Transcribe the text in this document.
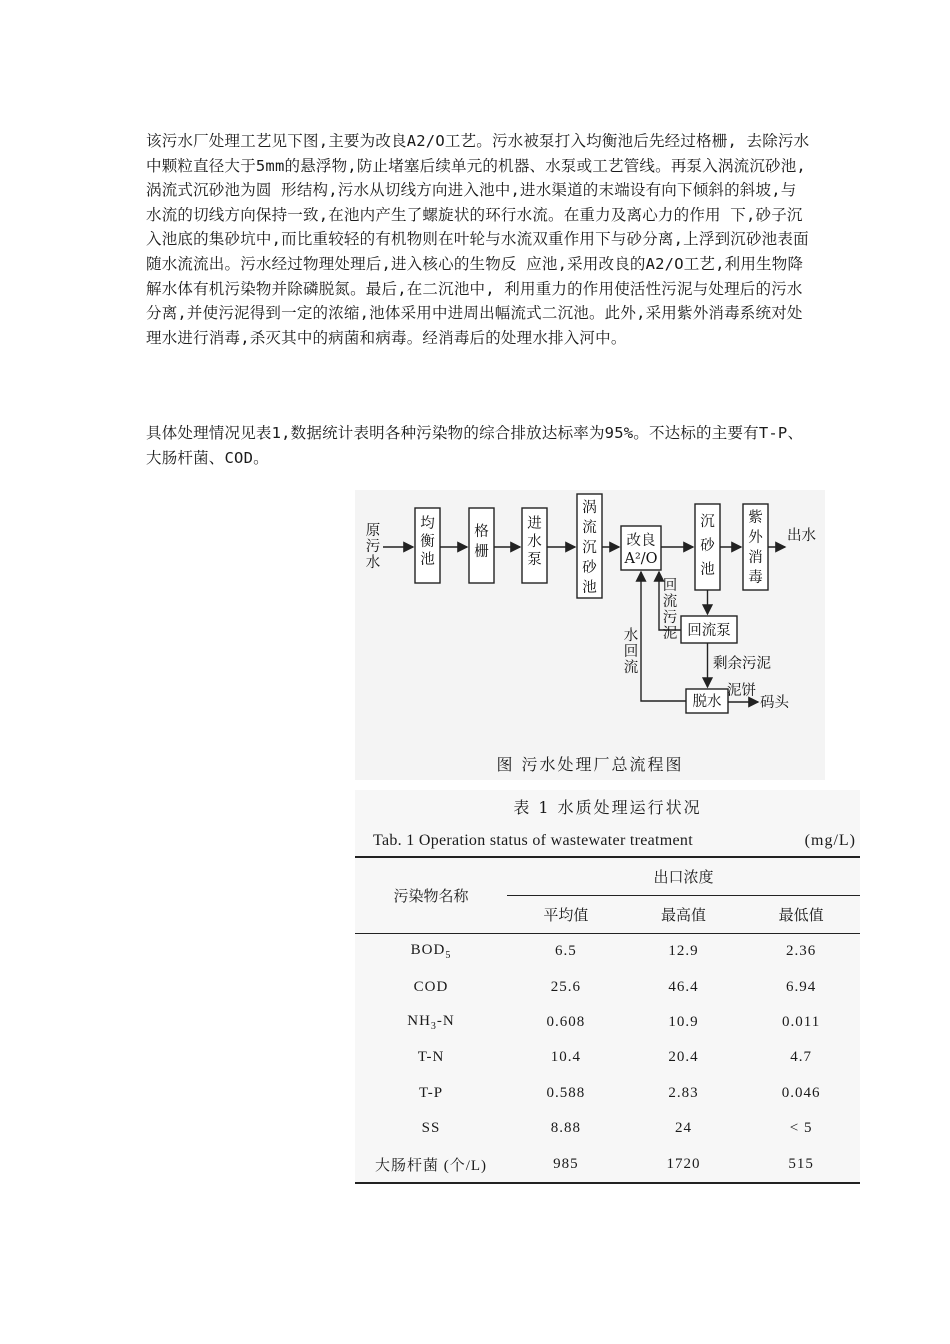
该污水厂处理工艺见下图,主要为改良A2/O工艺。污水被泵打入均衡池后先经过格栅, 去除污水中颗粒直径大于5mm的悬浮物,防止堵塞后续单元的机器、水泵或工艺管线。再泵入涡流沉砂池,涡流式沉砂池为圆 形结构,污水从切线方向进入池中,进水渠道的末端设有向下倾斜的斜坡,与水流的切线方向保持一致,在池内产生了螺旋状的环行水流。在重力及离心力的作用 下,砂子沉入池底的集砂坑中,而比重较轻的有机物则在叶轮与水流双重作用下与砂分离,上浮到沉砂池表面随水流流出。污水经过物理处理后,进入核心的生物反 应池,采用改良的A2/O工艺,利用生物降解水体有机污染物并除磷脱氮。最后,在二沉池中, 利用重力的作用使活性污泥与处理后的污水分离,并使污泥得到一定的浓缩,池体采用中进周出幅流式二沉池。此外,采用紫外消毒系统对处理水进行消毒,杀灭其中的病菌和病毒。经消毒后的处理水排入河中。

具体处理情况见表1,数据统计表明各种污染物的综合排放达标率为95%。不达标的主要有T-P、大肠杆菌、COD。

原
污
水
均
衡
池
格
栅
进
水
泵
涡
流
沉
砂
池
改良
A²/O
沉
砂
池
紫
外
消
毒
出水
回流泵
回
流
污
泥
剩余污泥
脱水
泥饼
码头
水
回
流
图 污水处理厂总流程图
表 1 水质处理运行状况
Tab. 1 Operation status of wastewater treatment	(mg/L)
污染物名称	出口浓度		
	平均值	最高值	最低值
$BOD_5$	6.5	12.9	2.36
COD	25.6	46.4	6.94
$NH_3-N$	0.608	10.9	0.011
T-N	10.4	20.4	4.7
T-P	0.588	2.83	0.046
SS	8.88	24	< 5
大肠杆菌 (个/L)	985	1720	515
